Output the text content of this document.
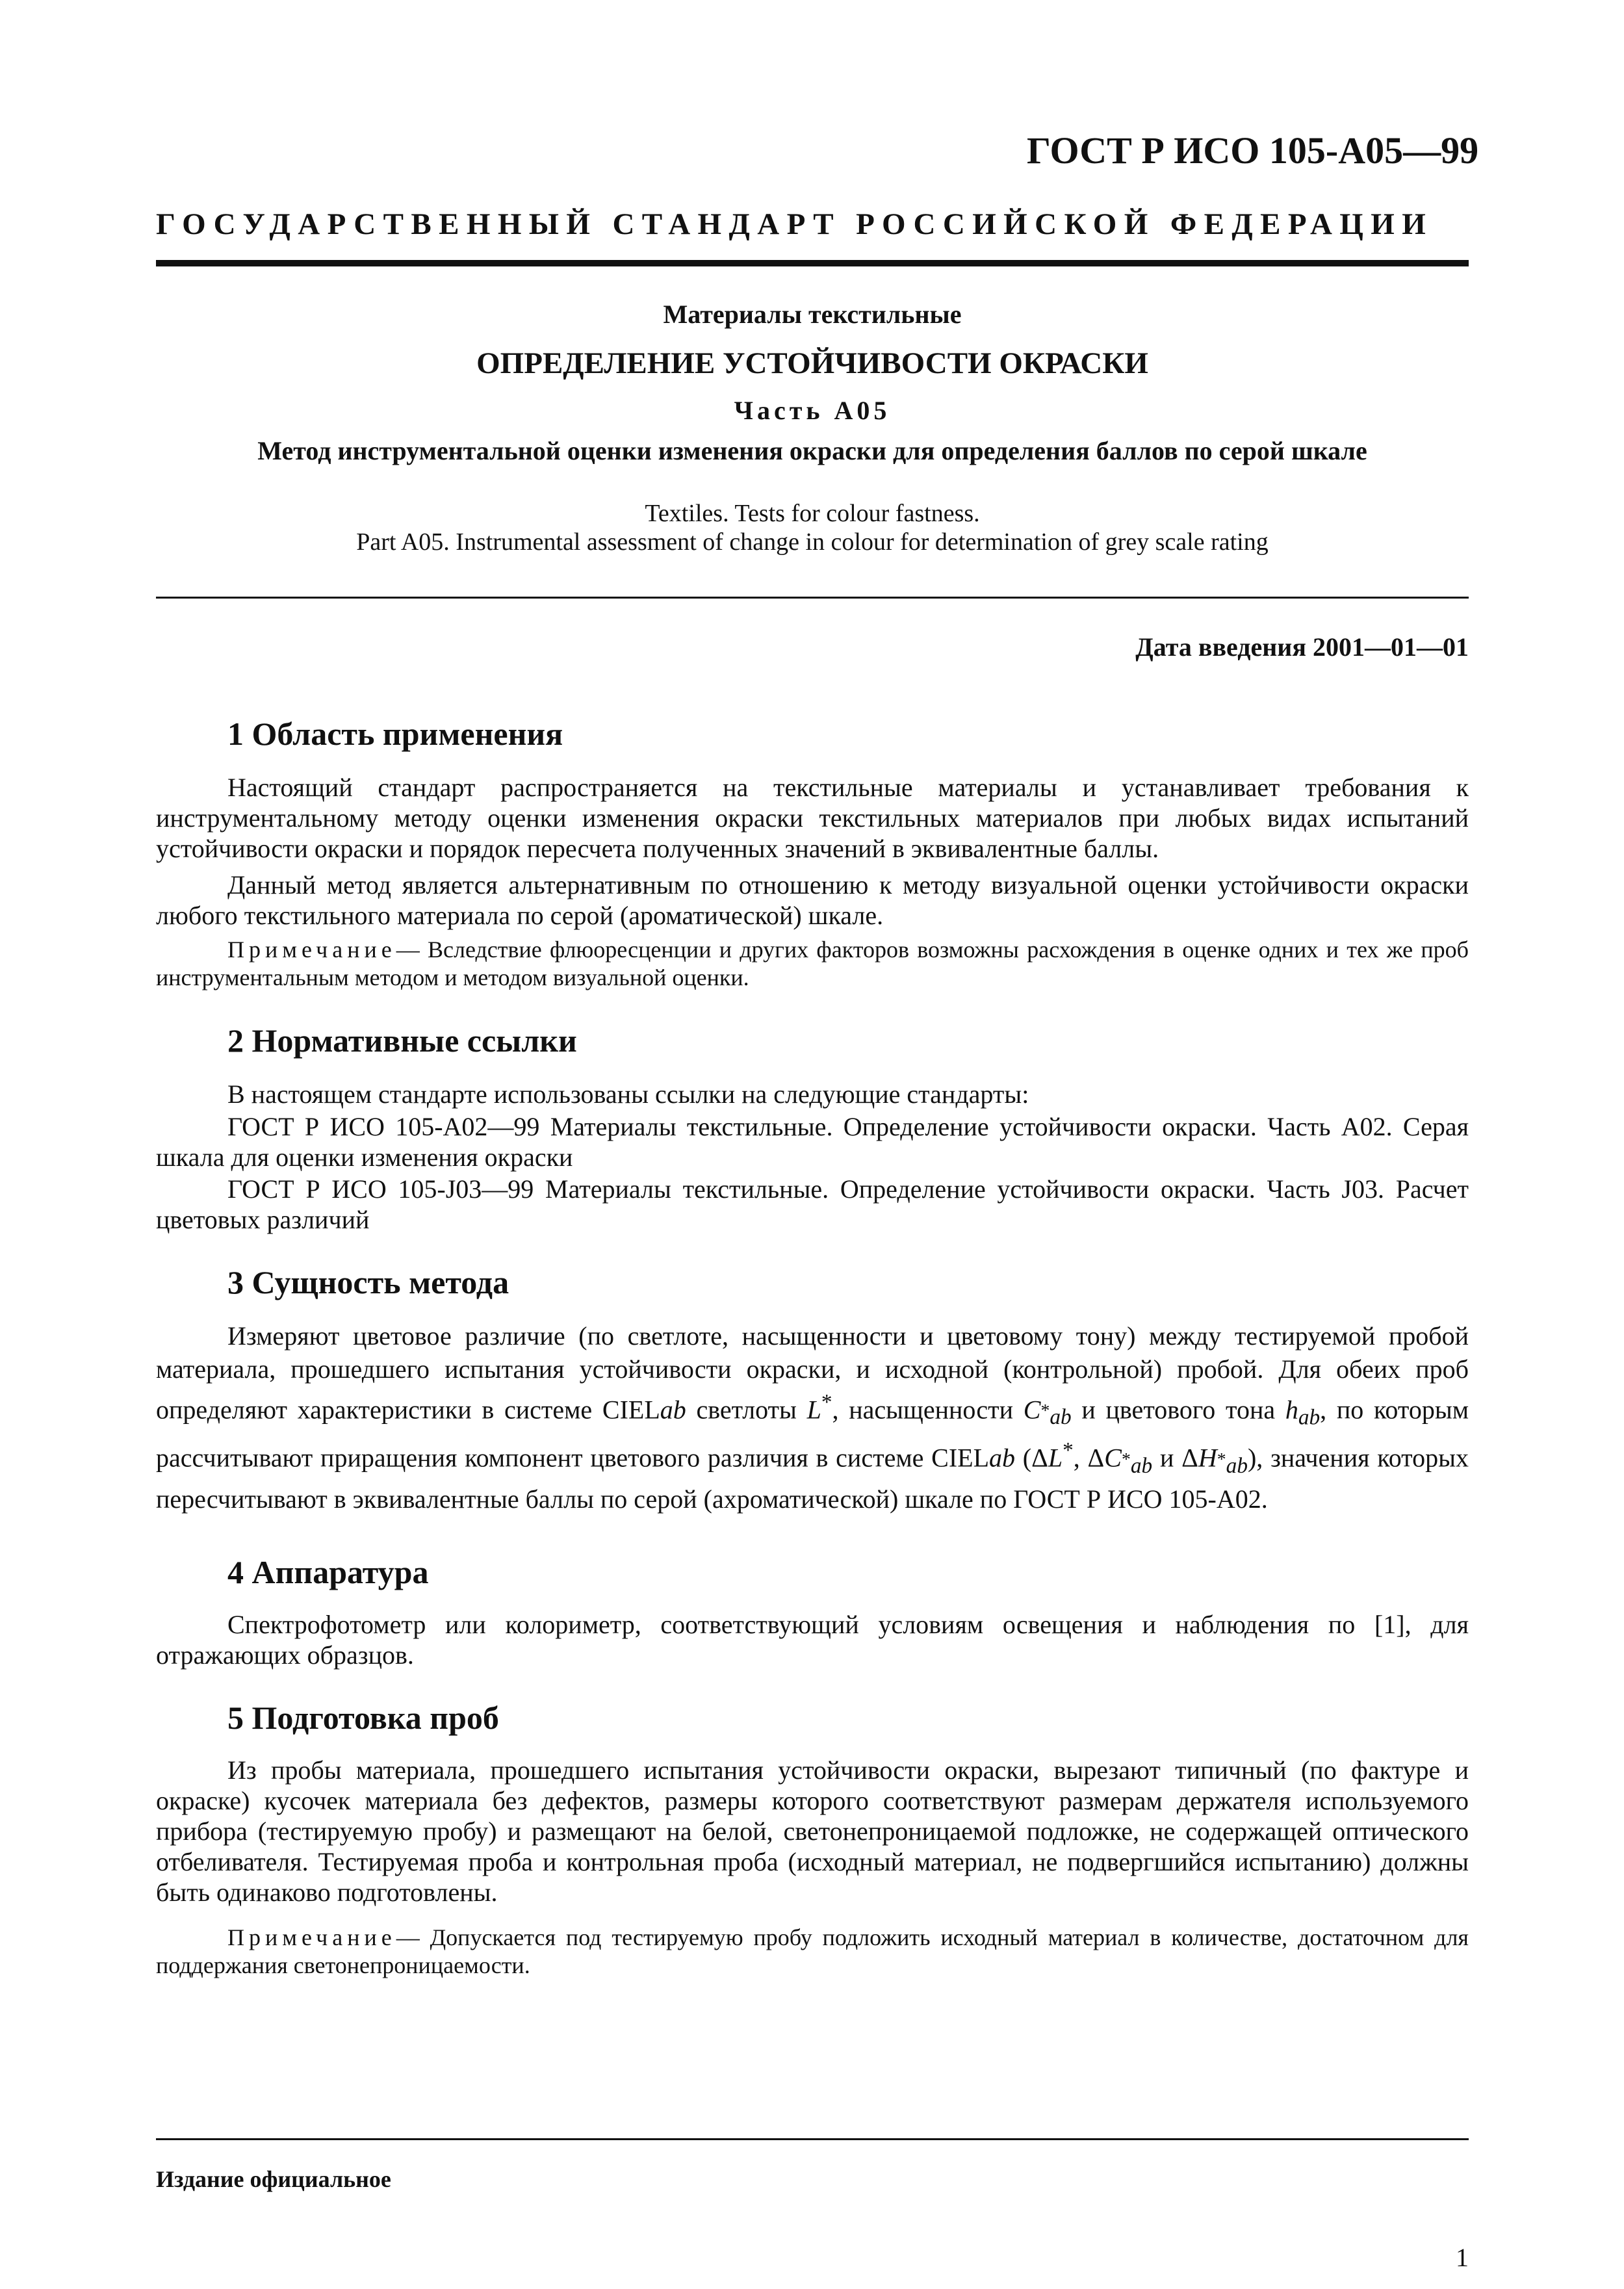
ГОСТ Р ИСО 105-А05—99
ГОСУДАРСТВЕННЫЙ СТАНДАРТ РОССИЙСКОЙ ФЕДЕРАЦИИ
Материалы текстильные
ОПРЕДЕЛЕНИЕ УСТОЙЧИВОСТИ ОКРАСКИ
Часть А05
Метод инструментальной оценки изменения окраски для определения баллов по серой шкале
Textiles. Tests for colour fastness.
Part A05. Instrumental assessment of change in colour for determination of grey scale rating
Дата введения 2001—01—01
1 Область применения
Настоящий стандарт распространяется на текстильные материалы и устанавливает требования к инструментальному методу оценки изменения окраски текстильных материалов при любых видах испытаний устойчивости окраски и порядок пересчета полученных значений в эквивалентные баллы.
Данный метод является альтернативным по отношению к методу визуальной оценки устойчивости окраски любого текстильного материала по серой (ароматической) шкале.
Примечание— Вследствие флюоресценции и других факторов возможны расхождения в оценке одних и тех же проб инструментальным методом и методом визуальной оценки.
2 Нормативные ссылки
В настоящем стандарте использованы ссылки на следующие стандарты:
ГОСТ Р ИСО 105-А02—99 Материалы текстильные. Определение устойчивости окраски. Часть А02. Серая шкала для оценки изменения окраски
ГОСТ Р ИСО 105-J03—99 Материалы текстильные. Определение устойчивости окраски. Часть J03. Расчет цветовых различий
3 Сущность метода
Измеряют цветовое различие (по светлоте, насыщенности и цветовому тону) между тестируемой пробой материала, прошедшего испытания устойчивости окраски, и исходной (контрольной) пробой. Для обеих проб определяют характеристики в системе CIELab светлоты L*, насыщенности $C_{^*ab}$ и цветового тона $h_{ab}$, по которым рассчитывают приращения компонент цветового различия в системе CIELab (ΔL*, $\Delta C_{^*ab}$ и $\Delta H_{^*ab}$), значения которых пересчитывают в эквивалентные баллы по серой (ахроматической) шкале по ГОСТ Р ИСО 105-А02.
4 Аппаратура
Спектрофотометр или колориметр, соответствующий условиям освещения и наблюдения по [1], для отражающих образцов.
5 Подготовка проб
Из пробы материала, прошедшего испытания устойчивости окраски, вырезают типичный (по фактуре и окраске) кусочек материала без дефектов, размеры которого соответствуют размерам держателя используемого прибора (тестируемую пробу) и размещают на белой, светонепроницаемой подложке, не содержащей оптического отбеливателя. Тестируемая проба и контрольная проба (исходный материал, не подвергшийся испытанию) должны быть одинаково подготовлены.
Примечание— Допускается под тестируемую пробу подложить исходный материал в количестве, достаточном для поддержания светонепроницаемости.
Издание официальное
1
